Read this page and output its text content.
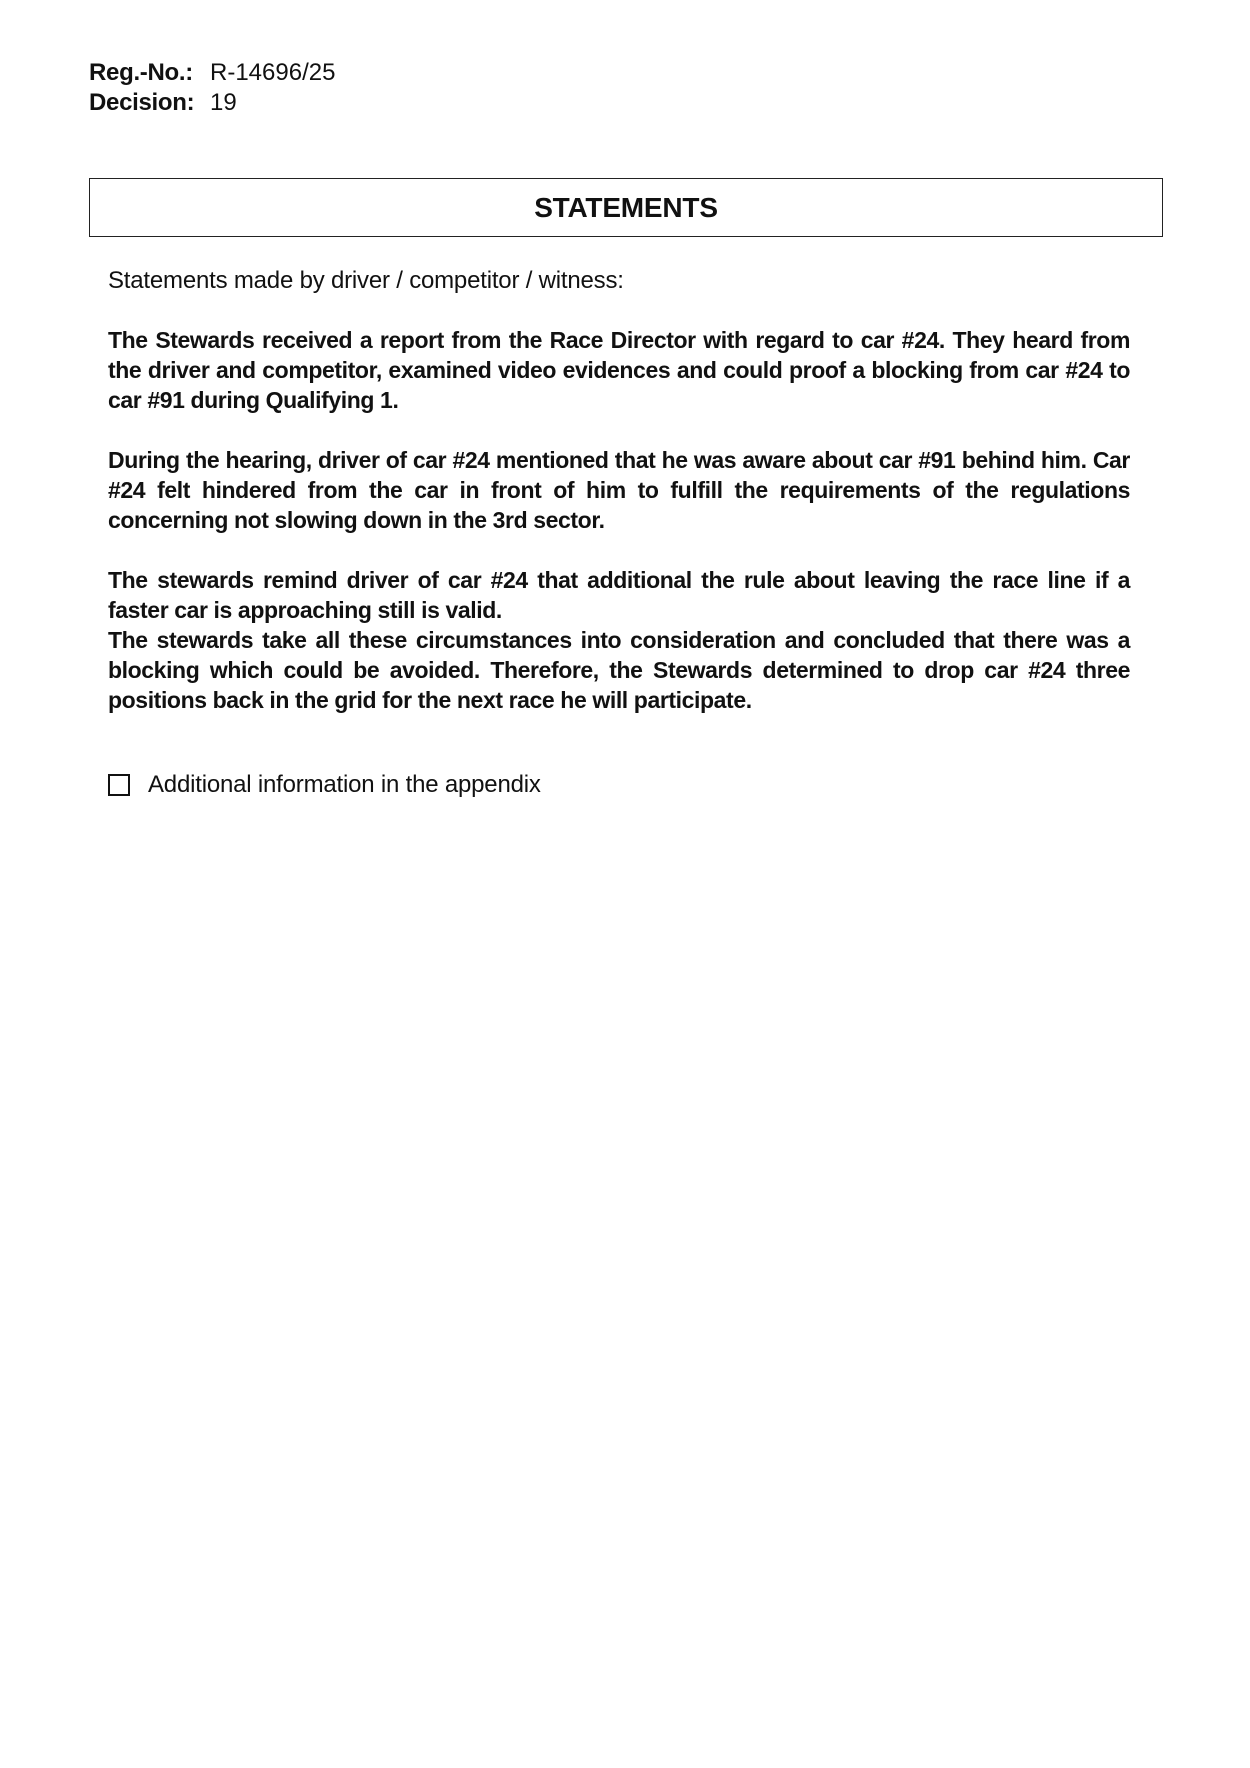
Reg.-No.: R-14696/25
Decision: 19
STATEMENTS

Statements made by driver / competitor / witness:

The Stewards received a report from the Race Director with regard to car #24. They heard from the driver and competitor, examined video evidences and could proof a blocking from car #24 to car #91 during Qualifying 1.

During the hearing, driver of car #24 mentioned that he was aware about car #91 behind him. Car #24 felt hindered from the car in front of him to fulfill the requirements of the regulations concerning not slowing down in the 3rd sector.

The stewards remind driver of car #24 that additional the rule about leaving the race line if a faster car is approaching still is valid.

The stewards take all these circumstances into consideration and concluded that there was a blocking which could be avoided. Therefore, the Stewards determined to drop car #24 three positions back in the grid for the next race he will participate.

Additional information in the appendix
